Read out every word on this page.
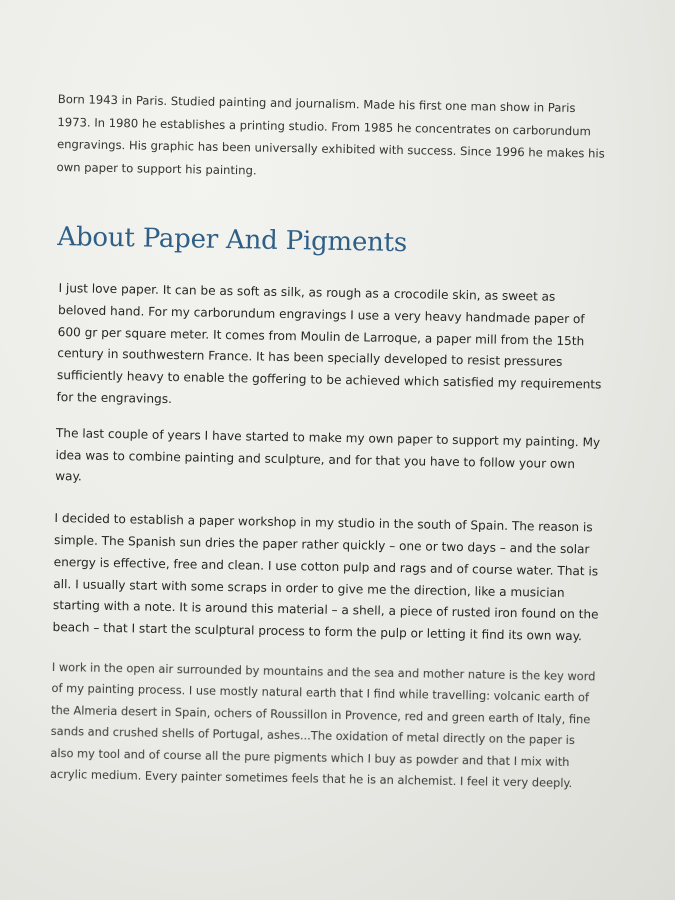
Born 1943 in Paris. Studied painting and journalism. Made his first one man show in Paris 1973. In 1980 he establishes a printing studio. From 1985 he concentrates on carborundum engravings. His graphic has been universally exhibited with success. Since 1996 he makes his own paper to support his painting.

About Paper And Pigments

I just love paper. It can be as soft as silk, as rough as a crocodile skin, as sweet as beloved hand. For my carborundum engravings I use a very heavy handmade paper of 600 gr per square meter. It comes from Moulin de Larroque, a paper mill from the 15th century in southwestern France. It has been specially developed to resist pressures sufficiently heavy to enable the goffering to be achieved which satisfied my requirements for the engravings.

The last couple of years I have started to make my own paper to support my painting. My idea was to combine painting and sculpture, and for that you have to follow your own way.

I decided to establish a paper workshop in my studio in the south of Spain. The reason is simple. The Spanish sun dries the paper rather quickly – one or two days – and the solar energy is effective, free and clean. I use cotton pulp and rags and of course water. That is all. I usually start with some scraps in order to give me the direction, like a musician starting with a note. It is around this material – a shell, a piece of rusted iron found on the beach – that I start the sculptural process to form the pulp or letting it find its own way.

I work in the open air surrounded by mountains and the sea and mother nature is the key word of my painting process. I use mostly natural earth that I find while travelling: volcanic earth of the Almeria desert in Spain, ochers of Roussillon in Provence, red and green earth of Italy, fine sands and crushed shells of Portugal, ashes...The oxidation of metal directly on the paper is also my tool and of course all the pure pigments which I buy as powder and that I mix with acrylic medium. Every painter sometimes feels that he is an alchemist. I feel it very deeply.
